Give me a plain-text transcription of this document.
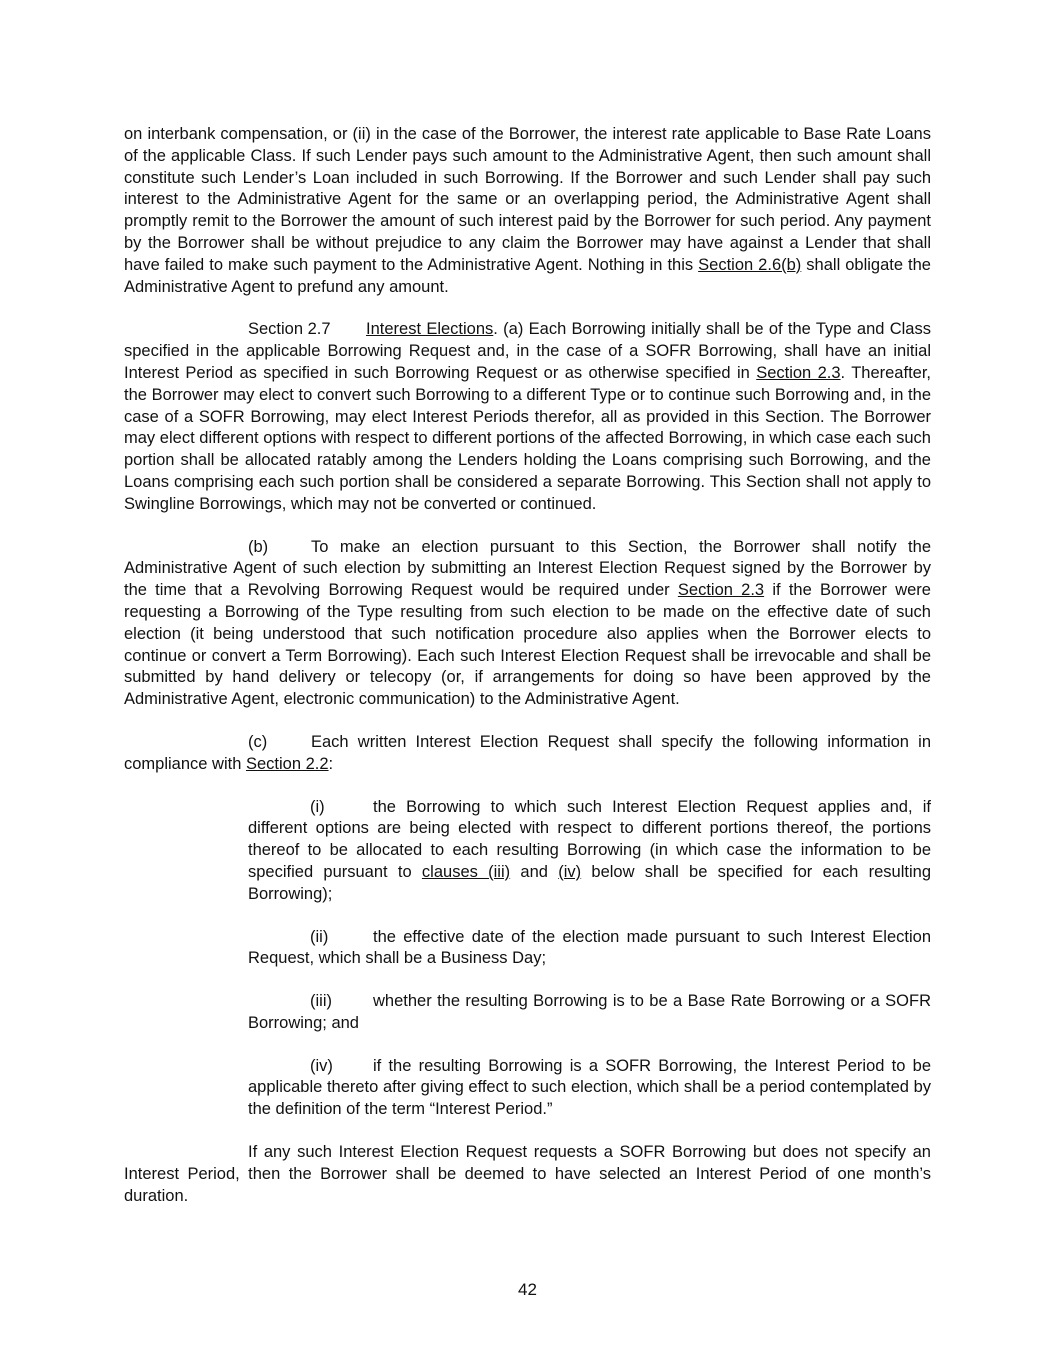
on interbank compensation, or (ii) in the case of the Borrower, the interest rate applicable to Base Rate Loans of the applicable Class. If such Lender pays such amount to the Administrative Agent, then such amount shall constitute such Lender’s Loan included in such Borrowing. If the Borrower and such Lender shall pay such interest to the Administrative Agent for the same or an overlapping period, the Administrative Agent shall promptly remit to the Borrower the amount of such interest paid by the Borrower for such period. Any payment by the Borrower shall be without prejudice to any claim the Borrower may have against a Lender that shall have failed to make such payment to the Administrative Agent. Nothing in this Section 2.6(b) shall obligate the Administrative Agent to prefund any amount.

Section 2.7 Interest Elections. (a) Each Borrowing initially shall be of the Type and Class specified in the applicable Borrowing Request and, in the case of a SOFR Borrowing, shall have an initial Interest Period as specified in such Borrowing Request or as otherwise specified in Section 2.3. Thereafter, the Borrower may elect to convert such Borrowing to a different Type or to continue such Borrowing and, in the case of a SOFR Borrowing, may elect Interest Periods therefor, all as provided in this Section. The Borrower may elect different options with respect to different portions of the affected Borrowing, in which case each such portion shall be allocated ratably among the Lenders holding the Loans comprising such Borrowing, and the Loans comprising each such portion shall be considered a separate Borrowing. This Section shall not apply to Swingline Borrowings, which may not be converted or continued.

(b)	To make an election pursuant to this Section, the Borrower shall notify the Administrative Agent of such election by submitting an Interest Election Request signed by the Borrower by the time that a Revolving Borrowing Request would be required under Section 2.3 if the Borrower were requesting a Borrowing of the Type resulting from such election to be made on the effective date of such election (it being understood that such notification procedure also applies when the Borrower elects to continue or convert a Term Borrowing). Each such Interest Election Request shall be irrevocable and shall be submitted by hand delivery or telecopy (or, if arrangements for doing so have been approved by the Administrative Agent, electronic communication) to the Administrative Agent.

(c)	Each written Interest Election Request shall specify the following information in compliance with Section 2.2:

(i)	the Borrowing to which such Interest Election Request applies and, if different options are being elected with respect to different portions thereof, the portions thereof to be allocated to each resulting Borrowing (in which case the information to be specified pursuant to clauses (iii) and (iv) below shall be specified for each resulting Borrowing);

(ii)	the effective date of the election made pursuant to such Interest Election Request, which shall be a Business Day;

(iii) whether the resulting Borrowing is to be a Base Rate Borrowing or a SOFR Borrowing; and

(iv) if the resulting Borrowing is a SOFR Borrowing, the Interest Period to be applicable thereto after giving effect to such election, which shall be a period contemplated by the definition of the term “Interest Period.”

If any such Interest Election Request requests a SOFR Borrowing but does not specify an Interest Period, then the Borrower shall be deemed to have selected an Interest Period of one month’s duration.

42
